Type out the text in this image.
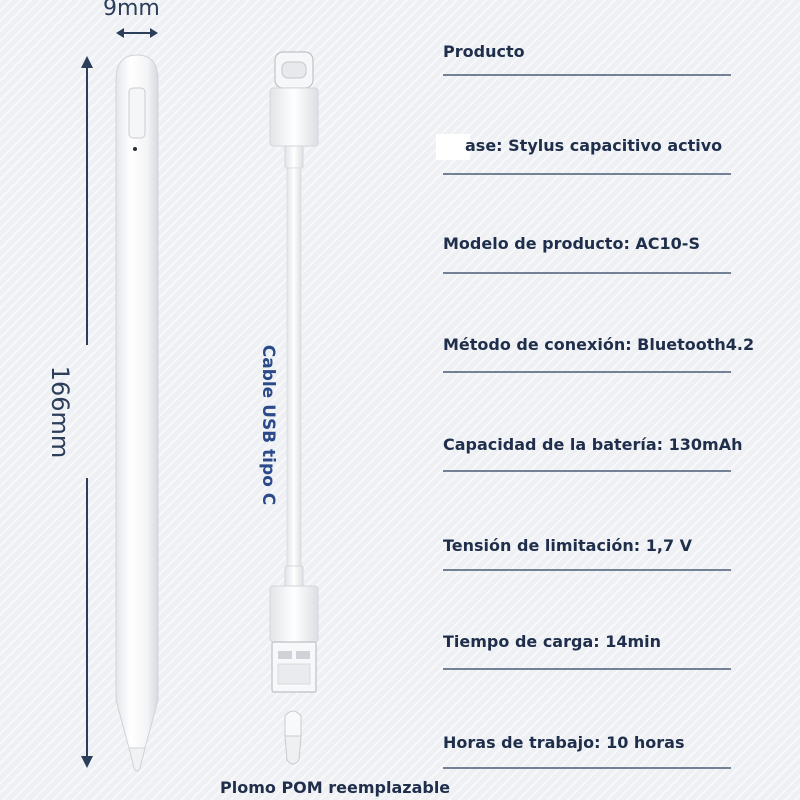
9mm
166mm	Cable USB tipo C
Producto
ase: Stylus capacitivo activo
Modelo de producto: AC10-S
Método de conexión: Bluetooth4.2
Capacidad de la batería: 130mAh
Tensión de limitación: 1,7 V
Tiempo de carga: 14min
Horas de trabajo: 10 horas
Plomo POM reemplazable
